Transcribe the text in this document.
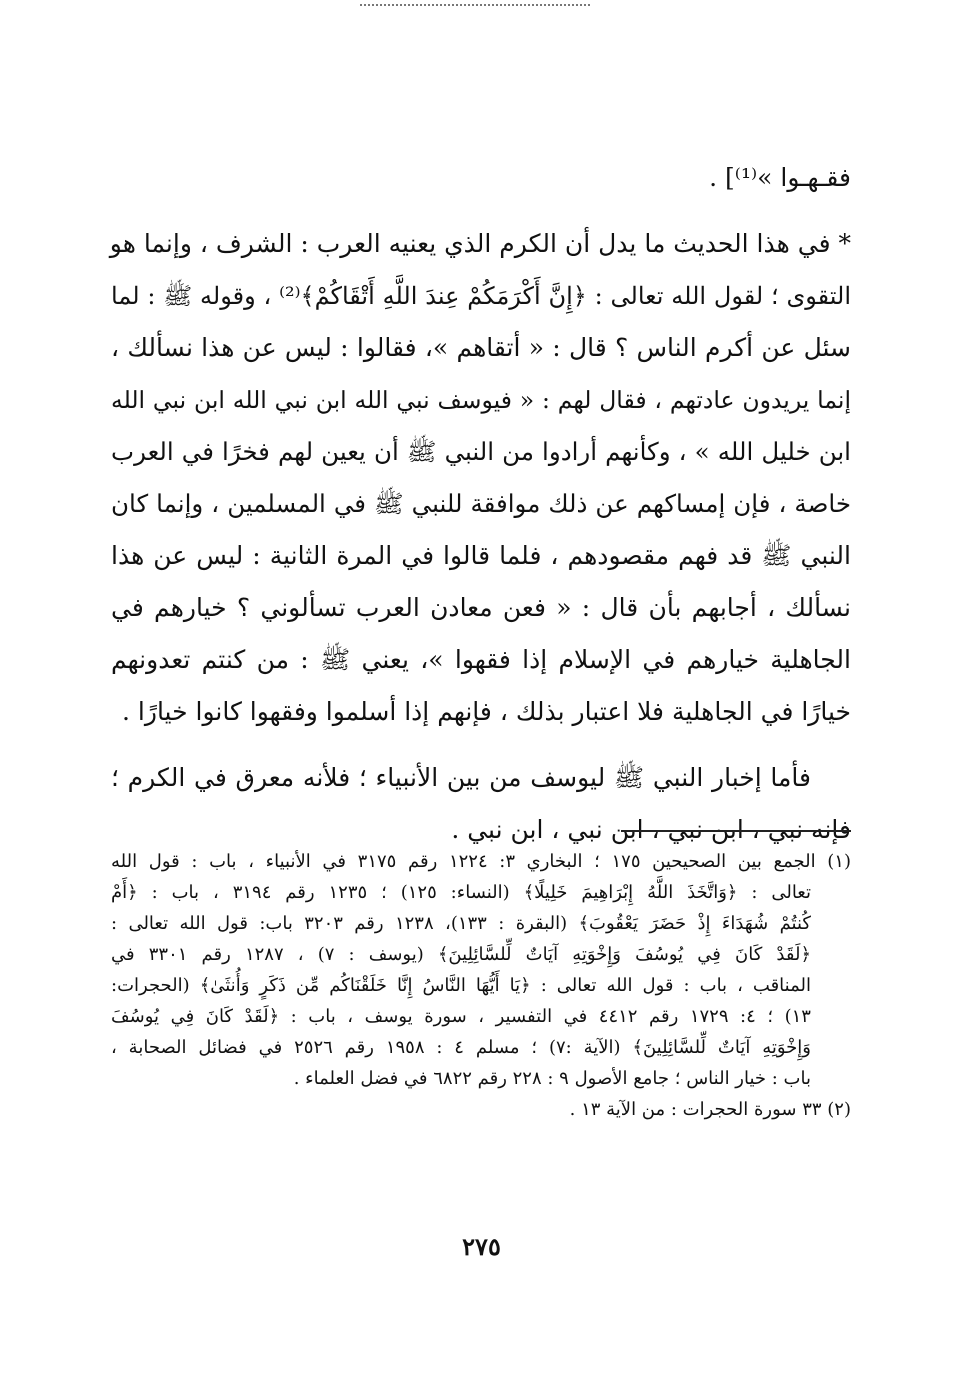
فقـهـوا »⁽¹⁾] .
* في هذا الحديث ما يدل أن الكرم الذي يعنيه العرب : الشرف ، وإنما هو
التقوى ؛ لقول الله تعالى : ﴿إِنَّ أَكْرَمَكُمْ عِندَ اللَّهِ أَتْقَاكُمْ﴾⁽²⁾ ، وقوله ﷺ : لما
سئل عن أكرم الناس ؟ قال : « أتقاهم »، فقالوا : ليس عن هذا نسألك ،
إنما يريدون عادتهم ، فقال لهم : « فيوسف نبي الله ابن نبي الله ابن نبي الله
ابن خليل الله » ، وكأنهم أرادوا من النبي ﷺ أن يعين لهم فخرًا في العرب
خاصة ، فإن إمساكهم عن ذلك موافقة للنبي ﷺ في المسلمين ، وإنما كان
النبي ﷺ قد فهم مقصودهم ، فلما قالوا في المرة الثانية : ليس عن هذا
نسألك ، أجابهم بأن قال : « فعن معادن العرب تسألوني ؟ خيارهم في
الجاهلية خيارهم في الإسلام إذا فقهوا »، يعني ﷺ : من كنتم تعدونهم
خيارًا في الجاهلية فلا اعتبار بذلك ، فإنهم إذا أسلموا وفقهوا كانوا خيارًا .
فأما إخبار النبي ﷺ ليوسف من بين الأنبياء ؛ فلأنه معرق في الكرم ؛
فإنه نبي ، ابن نبي ، ابن نبي ، ابن نبي .
(١) الجمع بين الصحيحين ١٧٥ ؛ البخاري ٣: ١٢٢٤ رقم ٣١٧٥ في الأنبياء ، باب : قول الله
تعالى : ﴿وَاتَّخَذَ اللَّهُ إِبْرَاهِيمَ خَلِيلًا﴾ (النساء: ١٢٥) ؛ ١٢٣٥ رقم ٣١٩٤ ، باب : ﴿أَمْ
كُنتُمْ شُهَدَاءَ إِذْ حَضَرَ يَعْقُوبَ﴾ (البقرة : ١٣٣)، ١٢٣٨ رقم ٣٢٠٣ باب: قول الله تعالى :
﴿لَقَدْ كَانَ فِي يُوسُفَ وَإِخْوَتِهِ آيَاتٌ لِّلسَّائِلِينَ﴾ (يوسف : ٧) ، ١٢٨٧ رقم ٣٣٠١ في
المناقب ، باب : قول الله تعالى : ﴿يَا أَيُّهَا النَّاسُ إِنَّا خَلَقْنَاكُم مِّن ذَكَرٍ وَأُنثَىٰ﴾ (الحجرات:
١٣) ؛ ٤: ١٧٢٩ رقم ٤٤١٢ في التفسير ، سورة يوسف ، باب : ﴿لَقَدْ كَانَ فِي يُوسُفَ
وَإِخْوَتِهِ آيَاتٌ لِّلسَّائِلِينَ﴾ (الآية :٧) ؛ مسلم ٤ : ١٩٥٨ رقم ٢٥٢٦ في فضائل الصحابة ،
باب : خيار الناس ؛ جامع الأصول ٩ : ٢٢٨ رقم ٦٨٢٢ في فضل العلماء .
(٢) ٣٣ سورة الحجرات : من الآية ١٣ .
٢٧٥
